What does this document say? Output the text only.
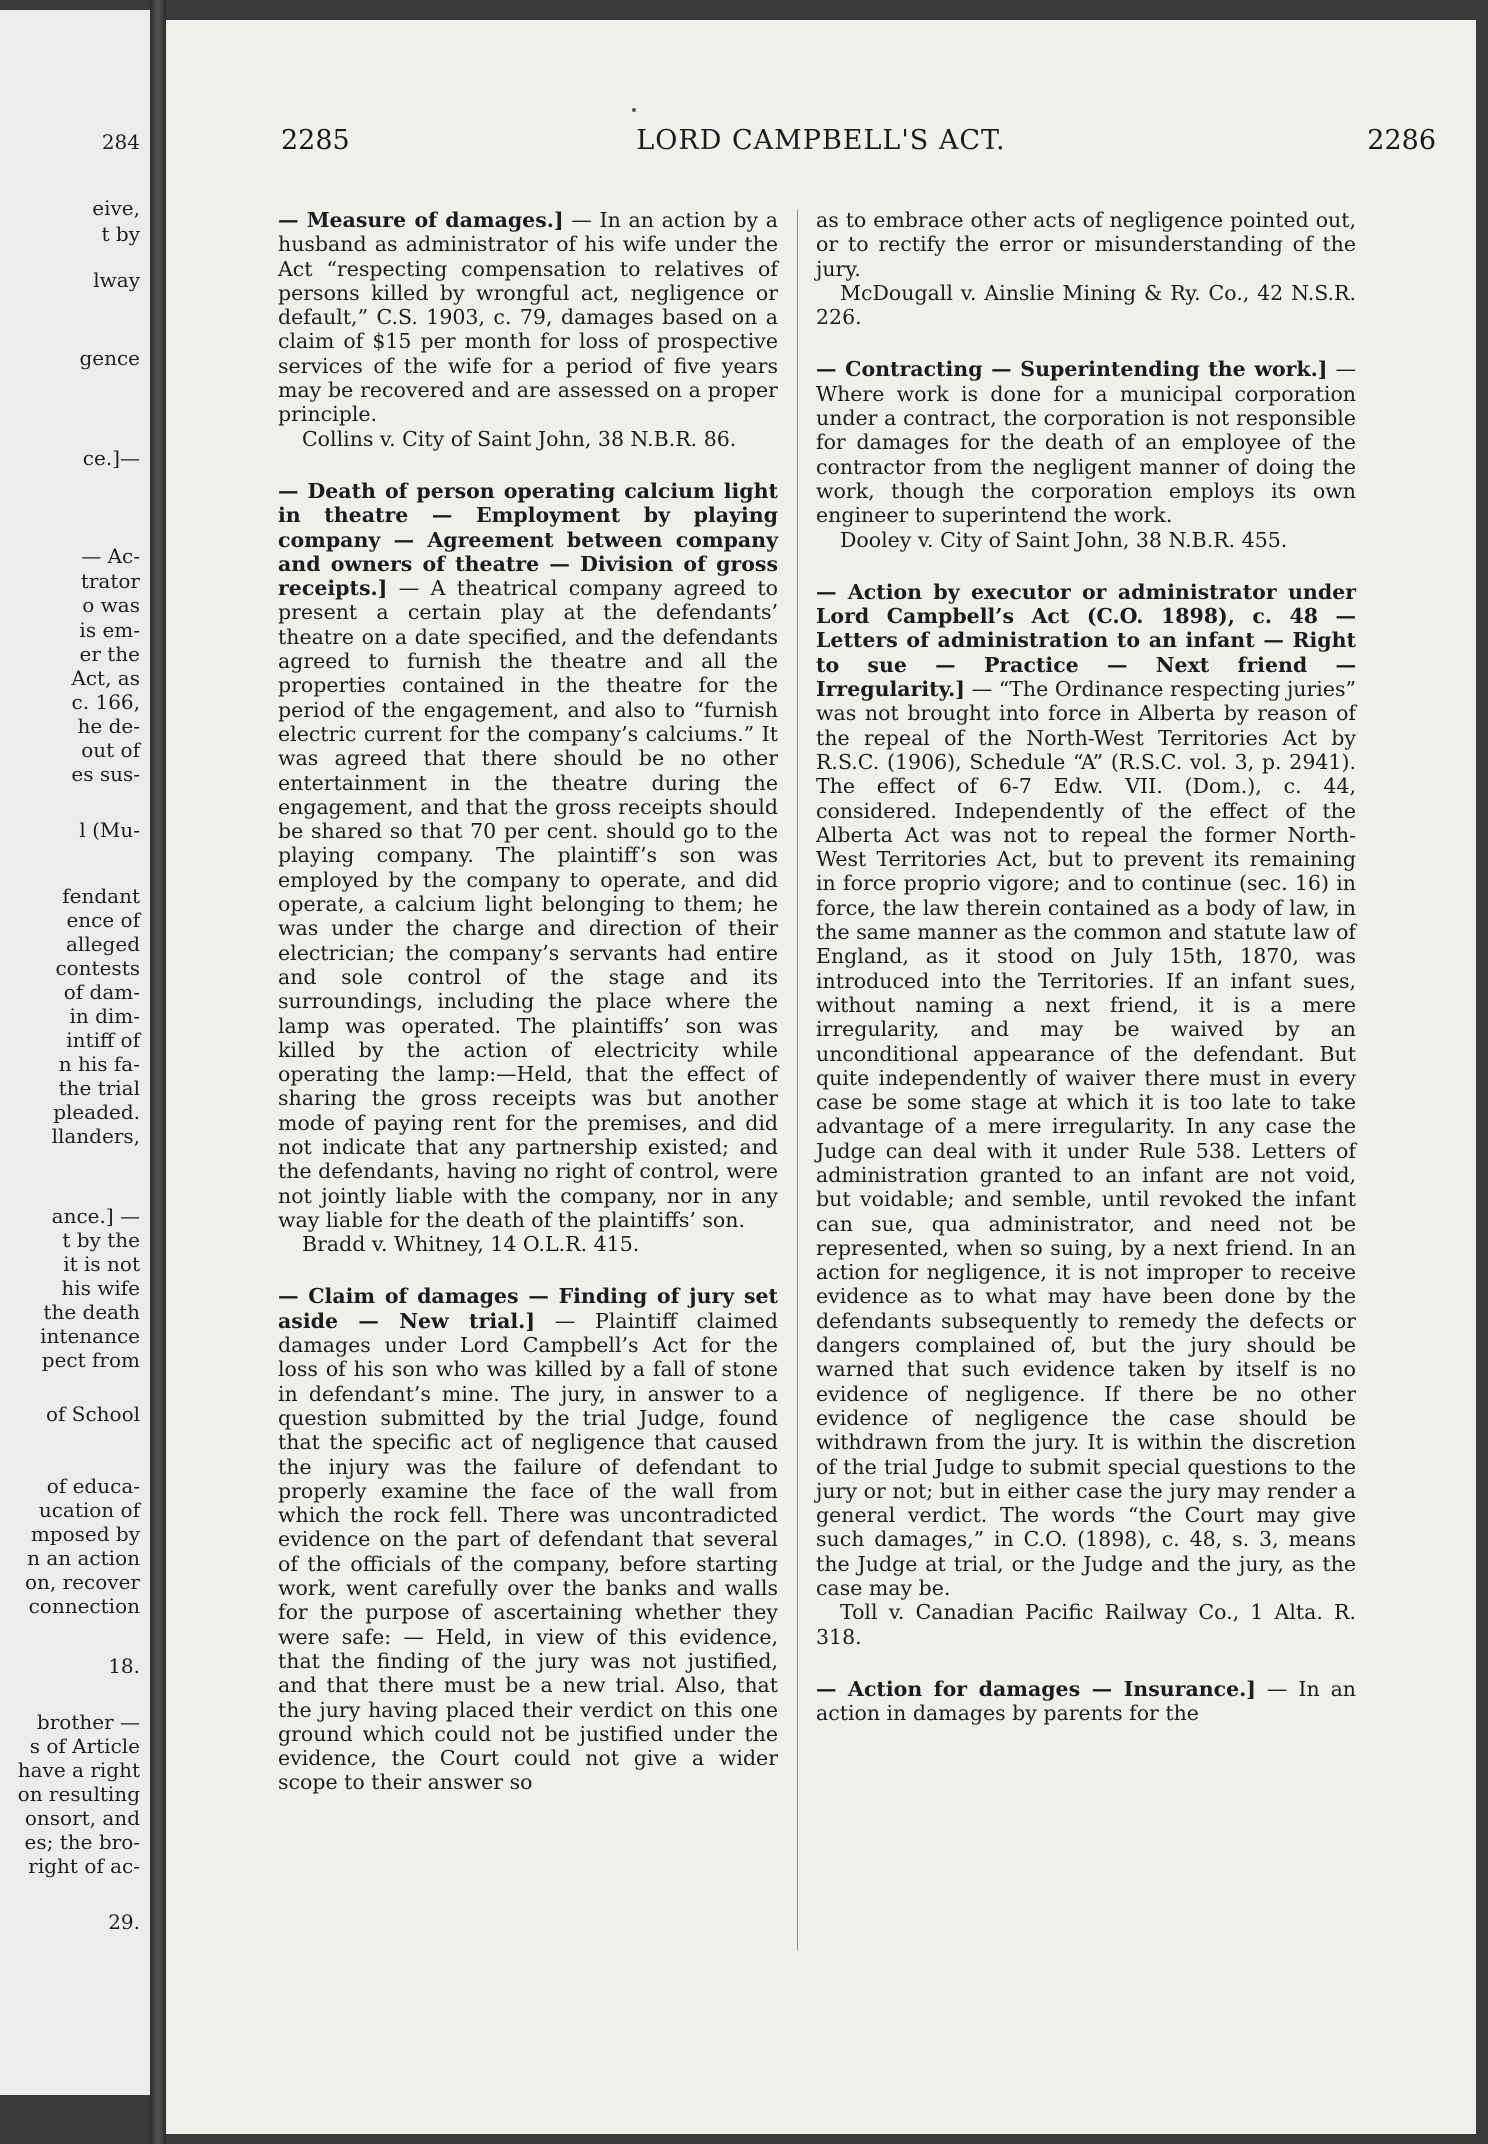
284
eive,
t by
lway
gence
ce.]—
— Ac-
trator
o was
is em-
er the
Act, as
c. 166,
he de-
out of
es sus-
l (Mu-
fendant
ence of
alleged
contests
of dam-
in dim-
intiff of
n his fa-
the trial
pleaded.
llanders,
ance.] —
t by the
it is not
his wife
the death
intenance
pect from
of School
of educa-
ucation of
mposed by
n an action
on, recover
connection
18.
brother —
s of Article
have a right
on resulting
onsort, and
es; the bro-
right of ac-
29.
2285	LORD CAMPBELL'S ACT.	2286

— Measure of damages.] — In an action by a husband as administrator of his wife under the Act “respecting compensation to relatives of persons killed by wrongful act, negligence or default,” C.S. 1903, c. 79, damages based on a claim of $15 per month for loss of prospective services of the wife for a period of five years may be recovered and are assessed on a proper principle.

Collins v. City of Saint John, 38 N.B.R. 86.

— Death of person operating calcium light in theatre — Employment by playing company — Agreement between company and owners of theatre — Division of gross receipts.] — A theatrical company agreed to present a certain play at the defendants’ theatre on a date specified, and the defendants agreed to furnish the theatre and all the properties contained in the theatre for the period of the engagement, and also to “furnish electric current for the company’s calciums.” It was agreed that there should be no other entertainment in the theatre during the engagement, and that the gross receipts should be shared so that 70 per cent. should go to the playing company. The plaintiff’s son was employed by the company to operate, and did operate, a calcium light belonging to them; he was under the charge and direction of their electrician; the company’s servants had entire and sole control of the stage and its surroundings, including the place where the lamp was operated. The plaintiffs’ son was killed by the action of electricity while operating the lamp:—Held, that the effect of sharing the gross receipts was but another mode of paying rent for the premises, and did not indicate that any partnership existed; and the defendants, having no right of control, were not jointly liable with the company, nor in any way liable for the death of the plaintiffs’ son.

Bradd v. Whitney, 14 O.L.R. 415.

— Claim of damages — Finding of jury set aside — New trial.] — Plaintiff claimed damages under Lord Campbell’s Act for the loss of his son who was killed by a fall of stone in defendant’s mine. The jury, in answer to a question submitted by the trial Judge, found that the specific act of negligence that caused the injury was the failure of defendant to properly examine the face of the wall from which the rock fell. There was uncontradicted evidence on the part of defendant that several of the officials of the company, before starting work, went carefully over the banks and walls for the purpose of ascertaining whether they were safe: — Held, in view of this evidence, that the finding of the jury was not justified, and that there must be a new trial. Also, that the jury having placed their verdict on this one ground which could not be justified under the evidence, the Court could not give a wider scope to their answer so

as to embrace other acts of negligence pointed out, or to rectify the error or misunderstanding of the jury.

McDougall v. Ainslie Mining & Ry. Co., 42 N.S.R. 226.

— Contracting — Superintending the work.] —Where work is done for a municipal corporation under a contract, the corporation is not responsible for damages for the death of an employee of the contractor from the negligent manner of doing the work, though the corporation employs its own engineer to superintend the work.

Dooley v. City of Saint John, 38 N.B.R. 455.

— Action by executor or administrator under Lord Campbell’s Act (C.O. 1898), c. 48 —Letters of administration to an infant — Right to sue — Practice — Next friend — Irregularity.] — “The Ordinance respecting juries” was not brought into force in Alberta by reason of the repeal of the North-West Territories Act by R.S.C. (1906), Schedule “A” (R.S.C. vol. 3, p. 2941). The effect of 6-7 Edw. VII. (Dom.), c. 44, considered. Independently of the effect of the Alberta Act was not to repeal the former North-West Territories Act, but to prevent its remaining in force proprio vigore; and to continue (sec. 16) in force, the law therein contained as a body of law, in the same manner as the common and statute law of England, as it stood on July 15th, 1870, was introduced into the Territories. If an infant sues, without naming a next friend, it is a mere irregularity, and may be waived by an unconditional appearance of the defendant. But quite independently of waiver there must in every case be some stage at which it is too late to take advantage of a mere irregularity. In any case the Judge can deal with it under Rule 538. Letters of administration granted to an infant are not void, but voidable; and semble, until revoked the infant can sue, qua administrator, and need not be represented, when so suing, by a next friend. In an action for negligence, it is not improper to receive evidence as to what may have been done by the defendants subsequently to remedy the defects or dangers complained of, but the jury should be warned that such evidence taken by itself is no evidence of negligence. If there be no other evidence of negligence the case should be withdrawn from the jury. It is within the discretion of the trial Judge to submit special questions to the jury or not; but in either case the jury may render a general verdict. The words “the Court may give such damages,” in C.O. (1898), c. 48, s. 3, means the Judge at trial, or the Judge and the jury, as the case may be.

Toll v. Canadian Pacific Railway Co., 1 Alta. R. 318.

— Action for damages — Insurance.] — In an action in damages by parents for the
